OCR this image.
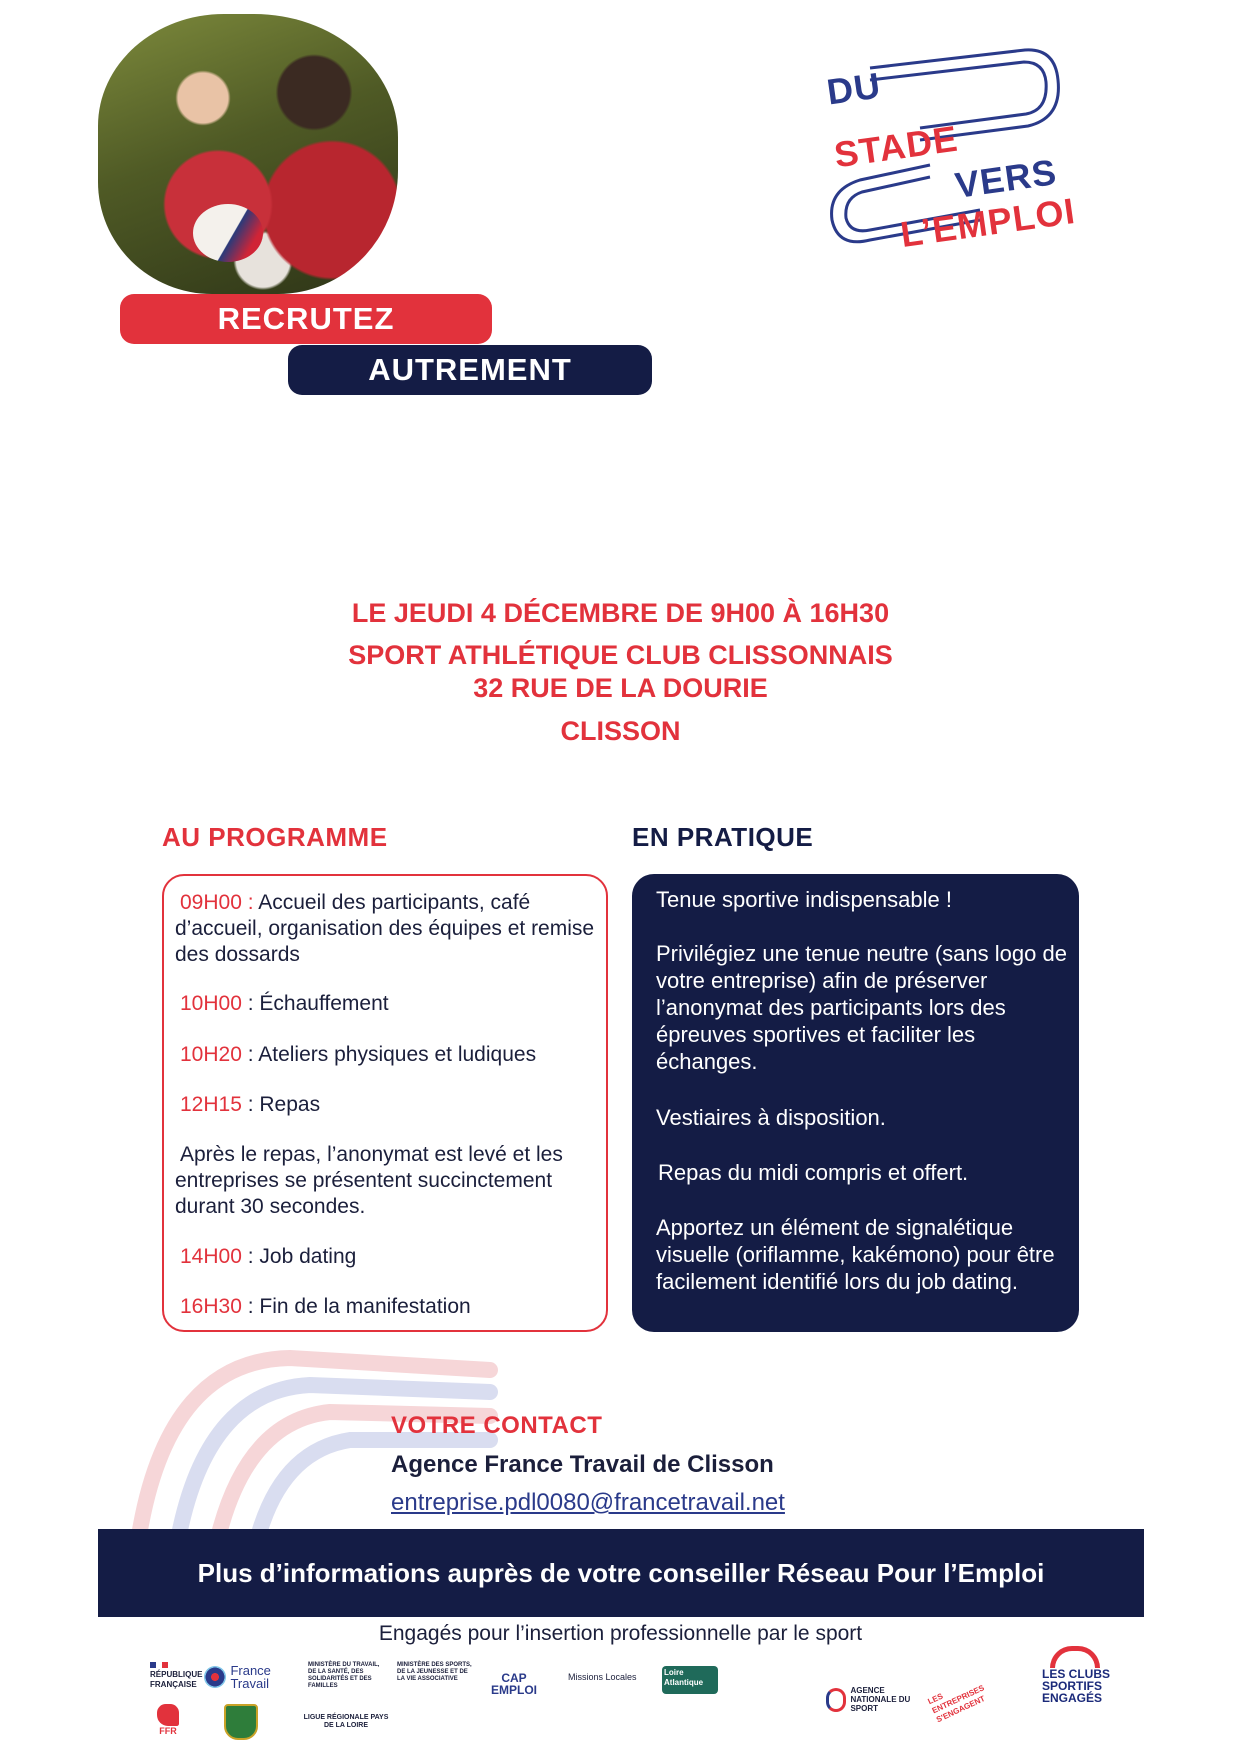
RECRUTEZ
AUTREMENT
DU
STADE
VERS
L’EMPLOI
LE JEUDI 4 DÉCEMBRE DE 9H00 À 16H30
SPORT ATHLÉTIQUE CLUB CLISSONNAIS
32 RUE DE LA DOURIE
CLISSON
AU PROGRAMME	EN PRATIQUE
09H00 : Accueil des participants, café d’accueil, organisation des équipes et remise des dossards
10H00 : Échauffement
10H20 : Ateliers physiques et ludiques
12H15 : Repas
Après le repas, l’anonymat est levé et les entreprises se présentent succinctement durant 30 secondes.
14H00 : Job dating
16H30 : Fin de la manifestation
Tenue sportive indispensable !
Privilégiez une tenue neutre (sans logo de votre entreprise) afin de préserver l’anonymat des participants lors des épreuves sportives et faciliter les échanges.
Vestiaires à disposition.
Repas du midi compris et offert.
Apportez un élément de signalétique visuelle (oriflamme, kakémono) pour être facilement identifié lors du job dating.
VOTRE CONTACT
Agence France Travail de Clisson
entreprise.pdl0080@francetravail.net
Plus d’informations auprès de votre conseiller Réseau Pour l’Emploi
Engagés pour l’insertion professionnelle par le sport
RÉPUBLIQUE FRANÇAISE
France Travail
MINISTÈRE DU TRAVAIL, DE LA SANTÉ, DES SOLIDARITÉS ET DES FAMILLES
MINISTÈRE DES SPORTS, DE LA JEUNESSE ET DE LA VIE ASSOCIATIVE	CAP EMPLOI
Missions Locales	Loire Atlantique
AGENCE NATIONALE DU SPORT
LES ENTREPRISES S'ENGAGENT
LES CLUBS SPORTIFS ENGAGÉS
FFR
LIGUE RÉGIONALE PAYS DE LA LOIRE
